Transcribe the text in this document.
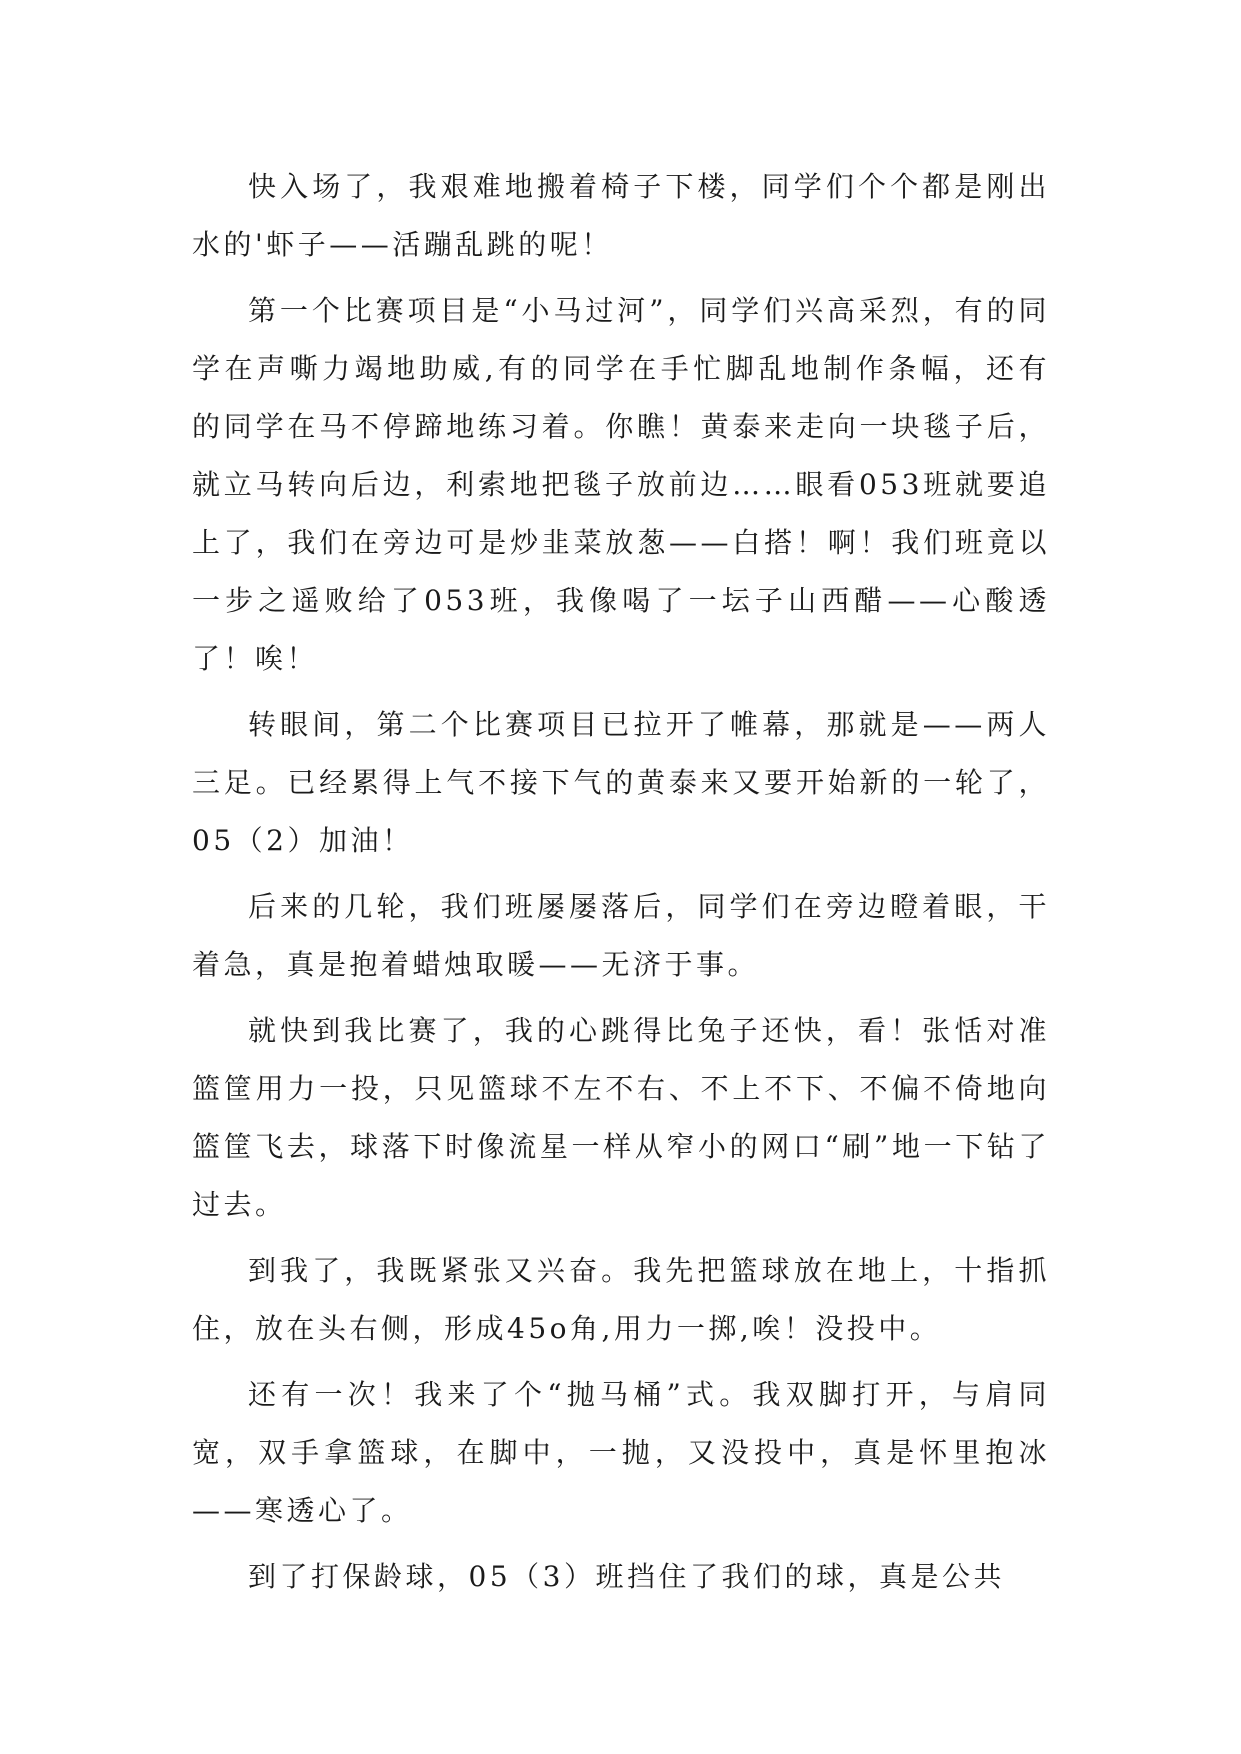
快入场了，我艰难地搬着椅子下楼，同学们个个都是刚出水的'虾子——活蹦乱跳的呢！

第一个比赛项目是“小马过河”，同学们兴高采烈，有的同学在声嘶力竭地助威,有的同学在手忙脚乱地制作条幅，还有的同学在马不停蹄地练习着。你瞧！黄泰来走向一块毯子后，就立马转向后边，利索地把毯子放前边……眼看053班就要追上了，我们在旁边可是炒韭菜放葱——白搭！啊！我们班竟以一步之遥败给了053班，我像喝了一坛子山西醋——心酸透了！唉！

转眼间，第二个比赛项目已拉开了帷幕，那就是——两人三足。已经累得上气不接下气的黄泰来又要开始新的一轮了，05（2）加油！

后来的几轮，我们班屡屡落后，同学们在旁边瞪着眼，干着急，真是抱着蜡烛取暖——无济于事。

就快到我比赛了，我的心跳得比兔子还快，看！张恬对准篮筐用力一投，只见篮球不左不右、不上不下、不偏不倚地向篮筐飞去，球落下时像流星一样从窄小的网口“刷”地一下钻了过去。

到我了，我既紧张又兴奋。我先把篮球放在地上，十指抓住，放在头右侧，形成45o角,用力一掷,唉！没投中。

还有一次！我来了个“抛马桶”式。我双脚打开，与肩同宽，双手拿篮球，在脚中，一抛，又没投中，真是怀里抱冰——寒透心了。

到了打保龄球，05（3）班挡住了我们的球，真是公共
